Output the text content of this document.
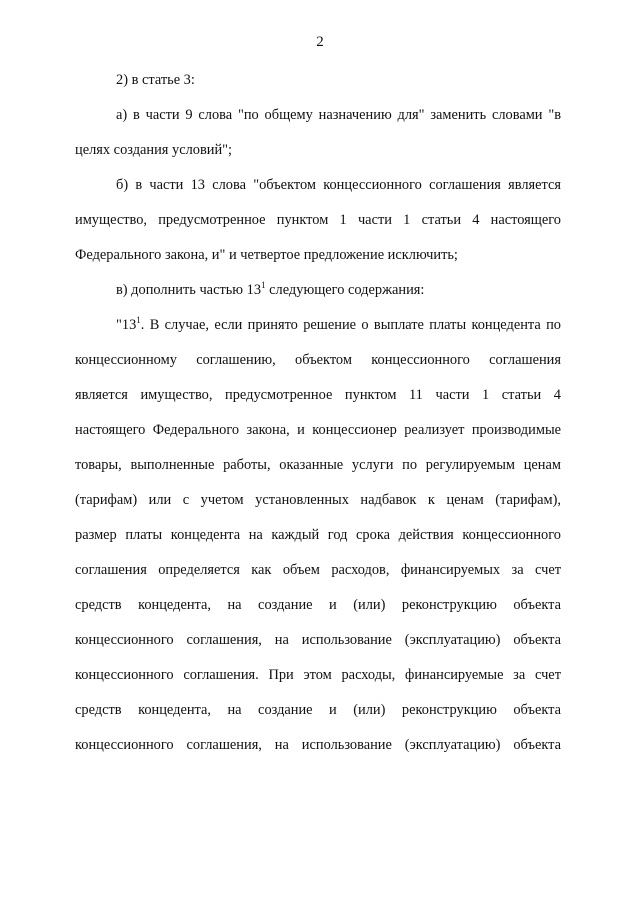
2
2) в статье 3:
а) в части 9 слова "по общему назначению для" заменить словами "в
целях создания условий";
б) в части 13 слова "объектом концессионного соглашения является
имущество, предусмотренное пунктом 1 части 1 статьи 4 настоящего
Федерального закона, и" и четвертое предложение исключить;
в) дополнить частью $13^1$ следующего содержания:
"$13^1$. В случае, если принято решение о выплате платы концедента по
концессионному соглашению, объектом концессионного соглашения
является имущество, предусмотренное пунктом 11 части 1 статьи 4
настоящего Федерального закона, и концессионер реализует производимые
товары, выполненные работы, оказанные услуги по регулируемым ценам
(тарифам) или с учетом установленных надбавок к ценам (тарифам),
размер платы концедента на каждый год срока действия концессионного
соглашения определяется как объем расходов, финансируемых за счет
средств концедента, на создание и (или) реконструкцию объекта
концессионного соглашения, на использование (эксплуатацию) объекта
концессионного соглашения. При этом расходы, финансируемые за счет
средств концедента, на создание и (или) реконструкцию объекта
концессионного соглашения, на использование (эксплуатацию) объекта
